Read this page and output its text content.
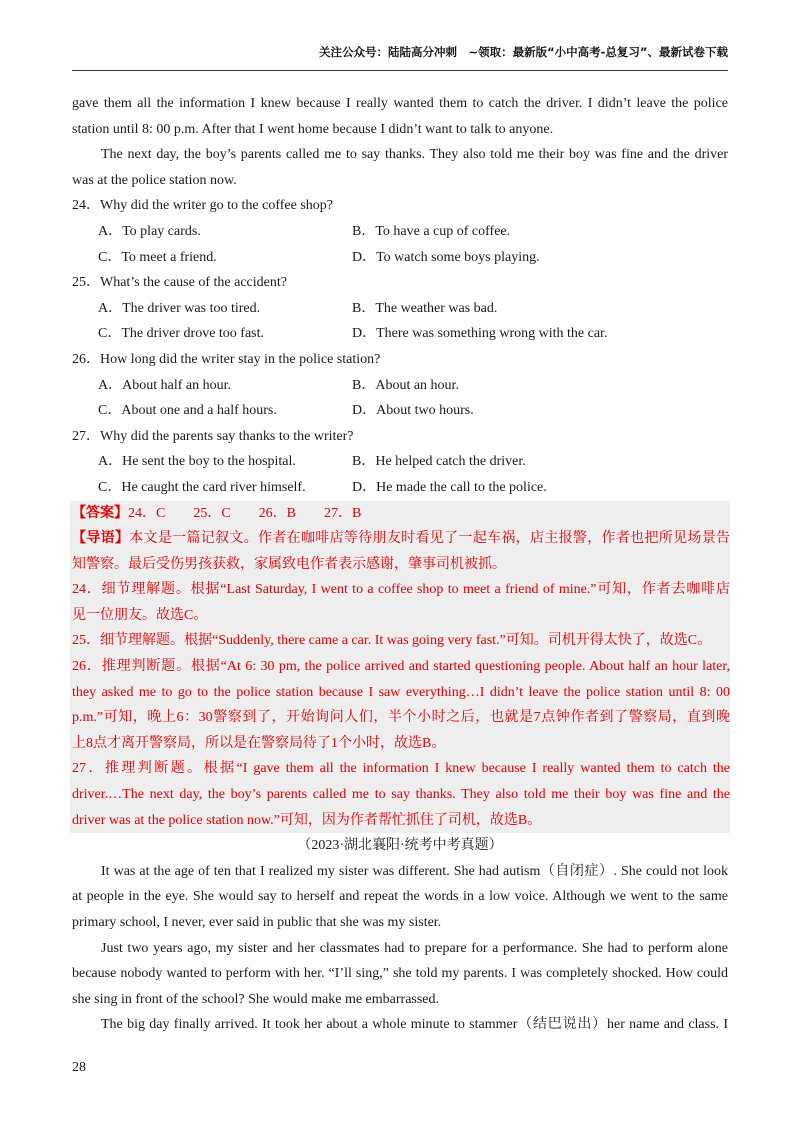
关注公众号：陆陆高分冲刺　~领取：最新版“小中高考-总复习”、最新试卷下载
gave them all the information I knew because I really wanted them to catch the driver. I didn’t leave the police
station until 8: 00 p.m. After that I went home because I didn’t want to talk to anyone.
The next day, the boy’s parents called me to say thanks. They also told me their boy was fine and the driver
was at the police station now.
24．Why did the writer go to the coffee shop?
A．To play cards.	B．To have a cup of coffee.
C．To meet a friend.	D．To watch some boys playing.
25．What’s the cause of the accident?
A．The driver was too tired.	B．The weather was bad.
C．The driver drove too fast.	D．There was something wrong with the car.
26．How long did the writer stay in the police station?
A．About half an hour.	B．About an hour.
C．About one and a half hours.	D．About two hours.
27．Why did the parents say thanks to the writer?
A．He sent the boy to the hospital.	B．He helped catch the driver.
C．He caught the card river himself.	D．He made the call to the police.
【答案】24．C　　25．C　　26．B　　27．B
【导语】本文是一篇记叙文。作者在咖啡店等待朋友时看见了一起车祸，店主报警，作者也把所见场景告
知警察。最后受伤男孩获救，家属致电作者表示感谢，肇事司机被抓。
24．细节理解题。根据“Last Saturday, I went to a coffee shop to meet a friend of mine.”可知，作者去咖啡店
见一位朋友。故选C。
25．细节理解题。根据“Suddenly, there came a car. It was going very fast.”可知。司机开得太快了，故选C。
26．推理判断题。根据“At 6: 30 pm, the police arrived and started questioning people. About half an hour later,
they asked me to go to the police station because I saw everything…I didn’t leave the police station until 8: 00
p.m.”可知，晚上6：30警察到了，开始询问人们，半个小时之后，也就是7点钟作者到了警察局，直到晚
上8点才离开警察局，所以是在警察局待了1个小时，故选B。
27．推理判断题。根据“I gave them all the information I knew because I really wanted them to catch the
driver.…The next day, the boy’s parents called me to say thanks. They also told me their boy was fine and the
driver was at the police station now.”可知，因为作者帮忙抓住了司机，故选B。
（2023·湖北襄阳·统考中考真题）
It was at the age of ten that I realized my sister was different. She had autism（自闭症）. She could not look
at people in the eye. She would say to herself and repeat the words in a low voice. Although we went to the same
primary school, I never, ever said in public that she was my sister.
Just two years ago, my sister and her classmates had to prepare for a performance. She had to perform alone
because nobody wanted to perform with her. “I’ll sing,” she told my parents. I was completely shocked. How could
she sing in front of the school? She would make me embarrassed.
The big day finally arrived. It took her about a whole minute to stammer（结巴说出）her name and class. I
28
